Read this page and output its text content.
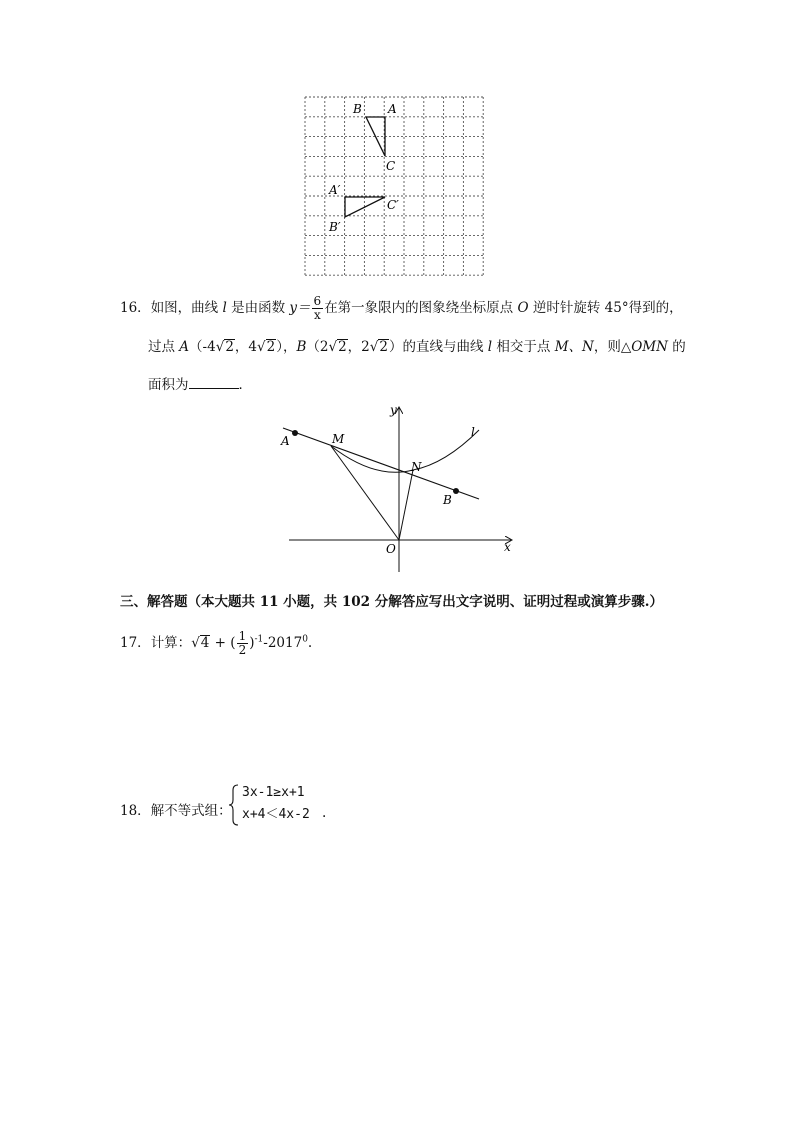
B A
C
A′
C′
B′
16．如图，曲线 l 是由函数 $y= \frac{6}{x}$ 在第一象限内的图象绕坐标原点 O 逆时针旋转 45°得到的，
过点 A（-4√2，4√2），B（2√2，2√2）的直线与曲线 l 相交于点 M、N，则△OMN 的
面积为	．
A	M
N
B
O	x
y
l
三、解答题（本大题共 11 小题，共 102 分解答应写出文字说明、证明过程或演算步骤.）
17．计算：√4 + ( $\frac{1}{2} )^{-1}-2017^0$.
18．解不等式组：
3x-1≥x+1
x+4＜4x-2 .
